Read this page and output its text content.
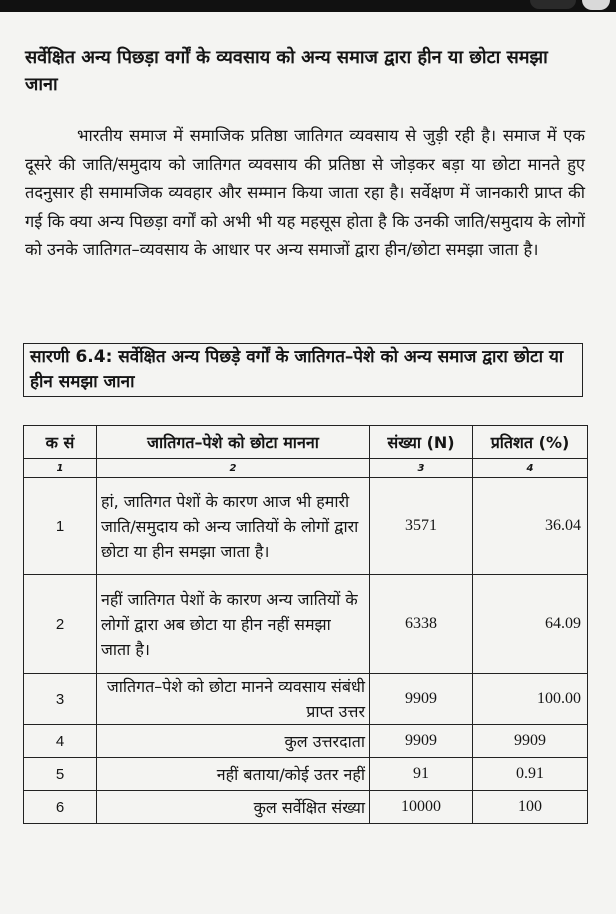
सर्वेक्षित अन्य पिछड़ा वर्गों के व्यवसाय को अन्य समाज द्वारा हीन या छोटा समझा जाना

भारतीय समाज में समाजिक प्रतिष्ठा जातिगत व्यवसाय से जुड़ी रही है। समाज में एक दूसरे की जाति/समुदाय को जातिगत व्यवसाय की प्रतिष्ठा से जोड़कर बड़ा या छोटा मानते हुए तदनुसार ही समामजिक व्यवहार और सम्मान किया जाता रहा है। सर्वेक्षण में जानकारी प्राप्त की गई कि क्या अन्य पिछड़ा वर्गों को अभी भी यह महसूस होता है कि उनकी जाति/समुदाय के लोगों को उनके जातिगत–व्यवसाय के आधार पर अन्य समाजों द्वारा हीन/छोटा समझा जाता है।

सारणी 6.4: सर्वेक्षित अन्य पिछड़े वर्गों के जातिगत–पेशे को अन्य समाज द्वारा छोटा या हीन समझा जाना
क सं	जातिगत–पेशे को छोटा मानना	संख्या (N)	प्रतिशत (%)
1	2	3	4
1	हां, जातिगत पेशों के कारण आज भी हमारी जाति/समुदाय को अन्य जातियों के लोगों द्वारा छोटा या हीन समझा जाता है।	3571	36.04
2	नहीं जातिगत पेशों के कारण अन्य जातियों के लोगों द्वारा अब छोटा या हीन नहीं समझा जाता है।	6338	64.09
3	जातिगत–पेशे को छोटा मानने व्यवसाय संबंधी प्राप्त उत्तर	9909	100.00
4	कुल उत्तरदाता	9909	9909
5	नहीं बताया/कोई उतर नहीं	91	0.91
6	कुल सर्वेक्षित संख्या	10000	100
